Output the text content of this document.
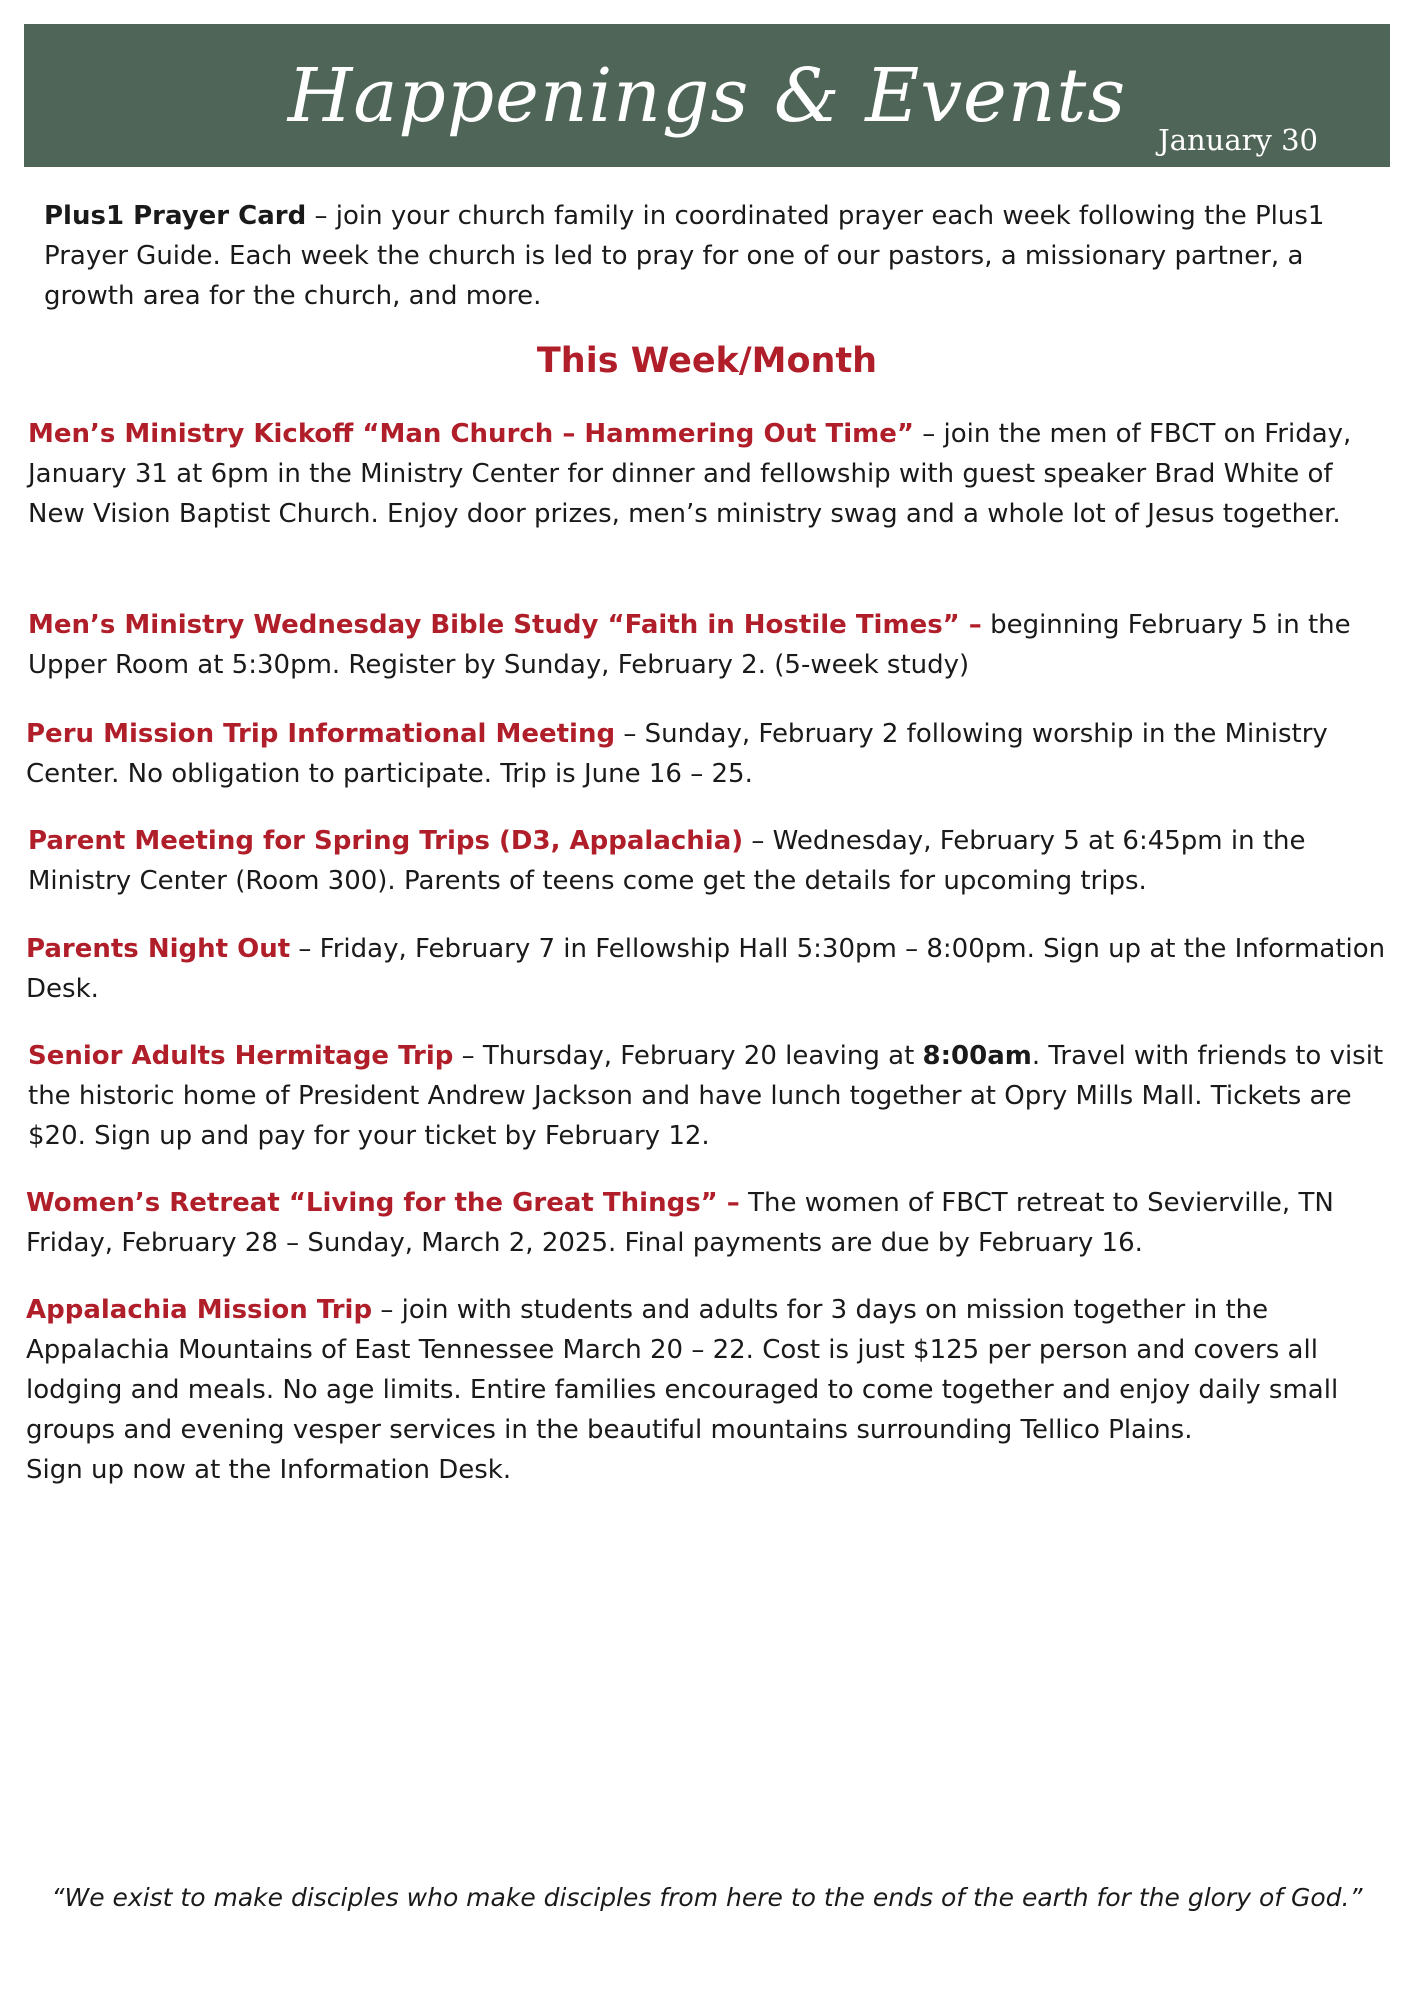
Happenings & Events
January 30

Plus1 Prayer Card – join your church family in coordinated prayer each week following the Plus1 Prayer Guide. Each week the church is led to pray for one of our pastors, a missionary partner, a growth area for the church, and more.

This Week/Month

Men’s Ministry Kickoff “Man Church – Hammering Out Time” – join the men of FBCT on Friday, January 31 at 6pm in the Ministry Center for dinner and fellowship with guest speaker Brad White of New Vision Baptist Church. Enjoy door prizes, men’s ministry swag and a whole lot of Jesus together.

Men’s Ministry Wednesday Bible Study “Faith in Hostile Times” – beginning February 5 in the Upper Room at 5:30pm. Register by Sunday, February 2. (5-week study)

Peru Mission Trip Informational Meeting – Sunday, February 2 following worship in the Ministry Center. No obligation to participate. Trip is June 16 – 25.

Parent Meeting for Spring Trips (D3, Appalachia) – Wednesday, February 5 at 6:45pm in the Ministry Center (Room 300). Parents of teens come get the details for upcoming trips.

Parents Night Out – Friday, February 7 in Fellowship Hall 5:30pm – 8:00pm. Sign up at the Information Desk.

Senior Adults Hermitage Trip – Thursday, February 20 leaving at 8:00am. Travel with friends to visit the historic home of President Andrew Jackson and have lunch together at Opry Mills Mall. Tickets are $20. Sign up and pay for your ticket by February 12.

Women’s Retreat “Living for the Great Things” – The women of FBCT retreat to Sevierville, TN Friday, February 28 – Sunday, March 2, 2025. Final payments are due by February 16.

Appalachia Mission Trip – join with students and adults for 3 days on mission together in the Appalachia Mountains of East Tennessee March 20 – 22. Cost is just $125 per person and covers all lodging and meals. No age limits. Entire families encouraged to come together and enjoy daily small groups and evening vesper services in the beautiful mountains surrounding Tellico Plains.
Sign up now at the Information Desk.

“We exist to make disciples who make disciples from here to the ends of the earth for the glory of God.”
